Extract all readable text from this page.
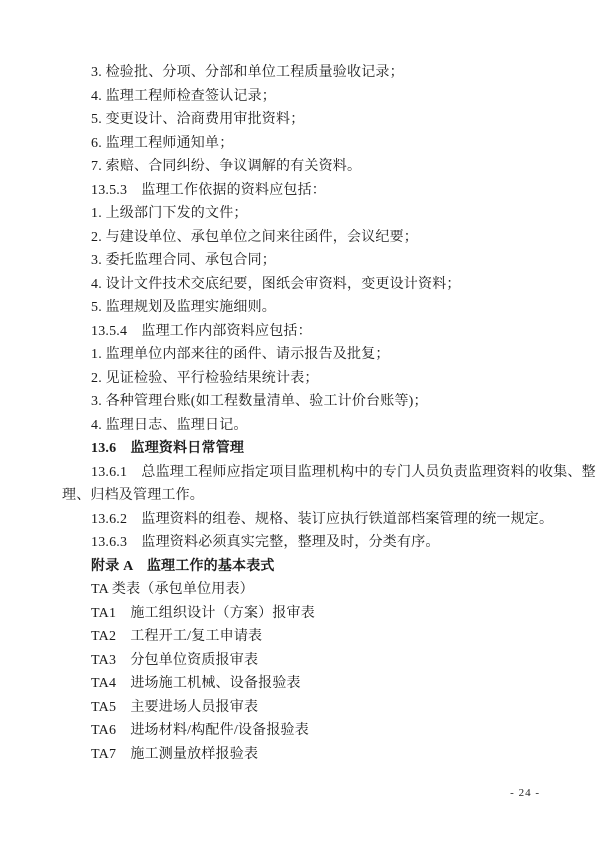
3. 检验批、分项、分部和单位工程质量验收记录；

4. 监理工程师检查签认记录；

5. 变更设计、洽商费用审批资料；

6. 监理工程师通知单；

7. 索赔、合同纠纷、争议调解的有关资料。

13.5.3　监理工作依据的资料应包括：

1. 上级部门下发的文件；

2. 与建设单位、承包单位之间来往函件，会议纪要；

3. 委托监理合同、承包合同；

4. 设计文件技术交底纪要，图纸会审资料，变更设计资料；

5. 监理规划及监理实施细则。

13.5.4　监理工作内部资料应包括：

1. 监理单位内部来往的函件、请示报告及批复；

2. 见证检验、平行检验结果统计表；

3. 各种管理台账(如工程数量清单、验工计价台账等)；

4. 监理日志、监理日记。

13.6　监理资料日常管理

13.6.1　总监理工程师应指定项目监理机构中的专门人员负责监理资料的收集、整

理、归档及管理工作。

13.6.2　监理资料的组卷、规格、装订应执行铁道部档案管理的统一规定。

13.6.3　监理资料必须真实完整，整理及时，分类有序。

附录 A　监理工作的基本表式

TA 类表（承包单位用表）

TA1　施工组织设计（方案）报审表

TA2　工程开工/复工申请表

TA3　分包单位资质报审表

TA4　进场施工机械、设备报验表

TA5　主要进场人员报审表

TA6　进场材料/构配件/设备报验表

TA7　施工测量放样报验表

- 24 -
